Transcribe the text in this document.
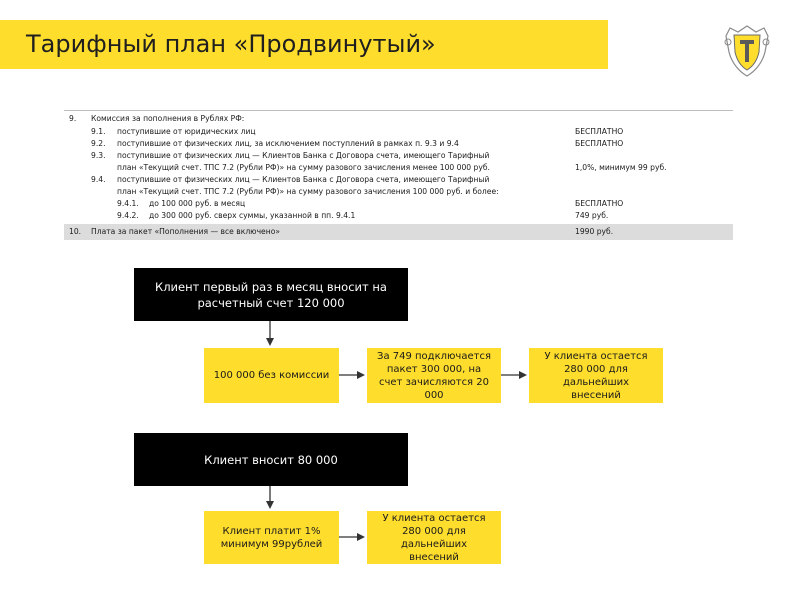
Тарифный план «Продвинутый»
9. Комиссия за пополнения в Рублях РФ:
9.1. поступившие от юридических лиц	БЕСПЛАТНО
9.2. поступившие от физических лиц, за исключением поступлений в рамках п. 9.3 и 9.4	БЕСПЛАТНО
9.3. поступившие от физических лиц — Клиентов Банка с Договора счета, имеющего Тарифный
план «Текущий счет. ТПС 7.2 (Рубли РФ)» на сумму разового зачисления менее 100 000 руб.	1,0%, минимум 99 руб.
9.4. поступившие от физических лиц — Клиентов Банка с Договора счета, имеющего Тарифный
план «Текущий счет. ТПС 7.2 (Рубли РФ)» на сумму разового зачисления 100 000 руб. и более:
9.4.1. до 100 000 руб. в месяц	БЕСПЛАТНО
9.4.2. до 300 000 руб. сверх суммы, указанной в пп. 9.4.1	749 руб.
10. Плата за пакет «Пополнения — все включено»	1990 руб.
Клиент первый раз в месяц вносит на расчетный счет 120 000
100 000 без комиссии
За 749 подключается пакет 300 000, на счет зачисляются 20 000
У клиента остается 280 000 для дальнейших внесений
Клиент вносит 80 000
Клиент платит 1% минимум 99рублей
У клиента остается 280 000 для дальнейших внесений
